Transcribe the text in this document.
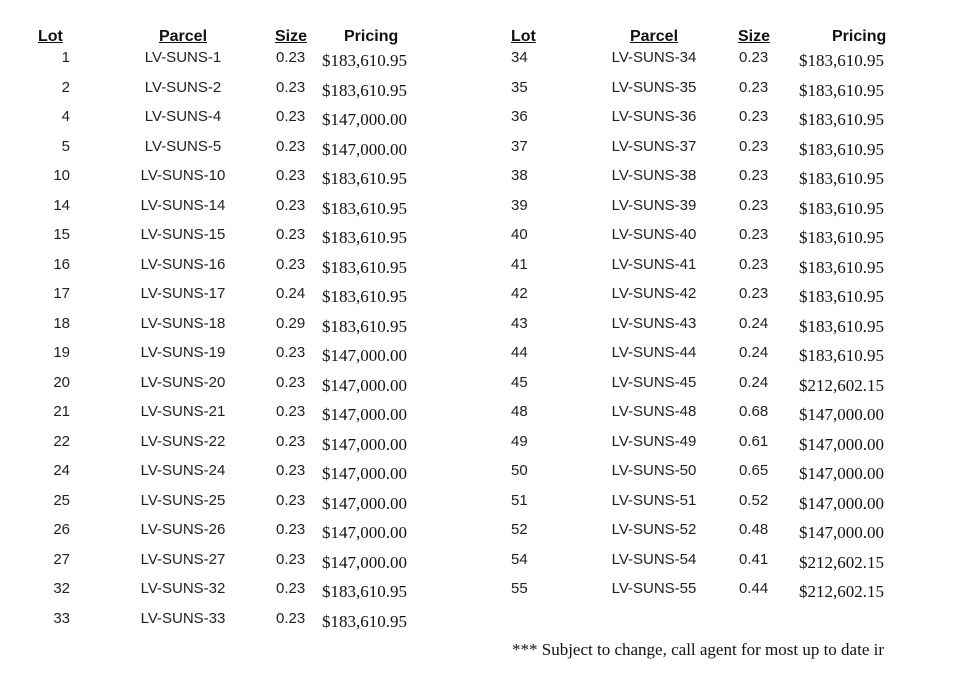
Lot	Parcel	Size Pricing
1	LV-SUNS-1	0.23 $183,610.95
2	LV-SUNS-2	0.23 $183,610.95
4	LV-SUNS-4	0.23 $147,000.00
5	LV-SUNS-5	0.23 $147,000.00
10	LV-SUNS-10	0.23 $183,610.95
14	LV-SUNS-14	0.23 $183,610.95
15	LV-SUNS-15	0.23 $183,610.95
16	LV-SUNS-16	0.23 $183,610.95
17	LV-SUNS-17	0.24 $183,610.95
18	LV-SUNS-18	0.29 $183,610.95
19	LV-SUNS-19	0.23 $147,000.00
20	LV-SUNS-20	0.23 $147,000.00
21	LV-SUNS-21	0.23 $147,000.00
22	LV-SUNS-22	0.23 $147,000.00
24	LV-SUNS-24	0.23 $147,000.00
25	LV-SUNS-25	0.23 $147,000.00
26	LV-SUNS-26	0.23 $147,000.00
27	LV-SUNS-27	0.23 $147,000.00
32	LV-SUNS-32	0.23 $183,610.95
33	LV-SUNS-33	0.23 $183,610.95
Lot	Parcel	Size	Pricing
34	LV-SUNS-34	0.23	$183,610.95
35	LV-SUNS-35	0.23	$183,610.95
36	LV-SUNS-36	0.23	$183,610.95
37	LV-SUNS-37	0.23	$183,610.95
38	LV-SUNS-38	0.23	$183,610.95
39	LV-SUNS-39	0.23	$183,610.95
40	LV-SUNS-40	0.23	$183,610.95
41	LV-SUNS-41	0.23	$183,610.95
42	LV-SUNS-42	0.23	$183,610.95
43	LV-SUNS-43	0.24	$183,610.95
44	LV-SUNS-44	0.24	$183,610.95
45	LV-SUNS-45	0.24	$212,602.15
48	LV-SUNS-48	0.68	$147,000.00
49	LV-SUNS-49	0.61	$147,000.00
50	LV-SUNS-50	0.65	$147,000.00
51	LV-SUNS-51	0.52	$147,000.00
52	LV-SUNS-52	0.48	$147,000.00
54	LV-SUNS-54	0.41	$212,602.15
55	LV-SUNS-55	0.44	$212,602.15
*** Subject to change, call agent for most up to date ir
